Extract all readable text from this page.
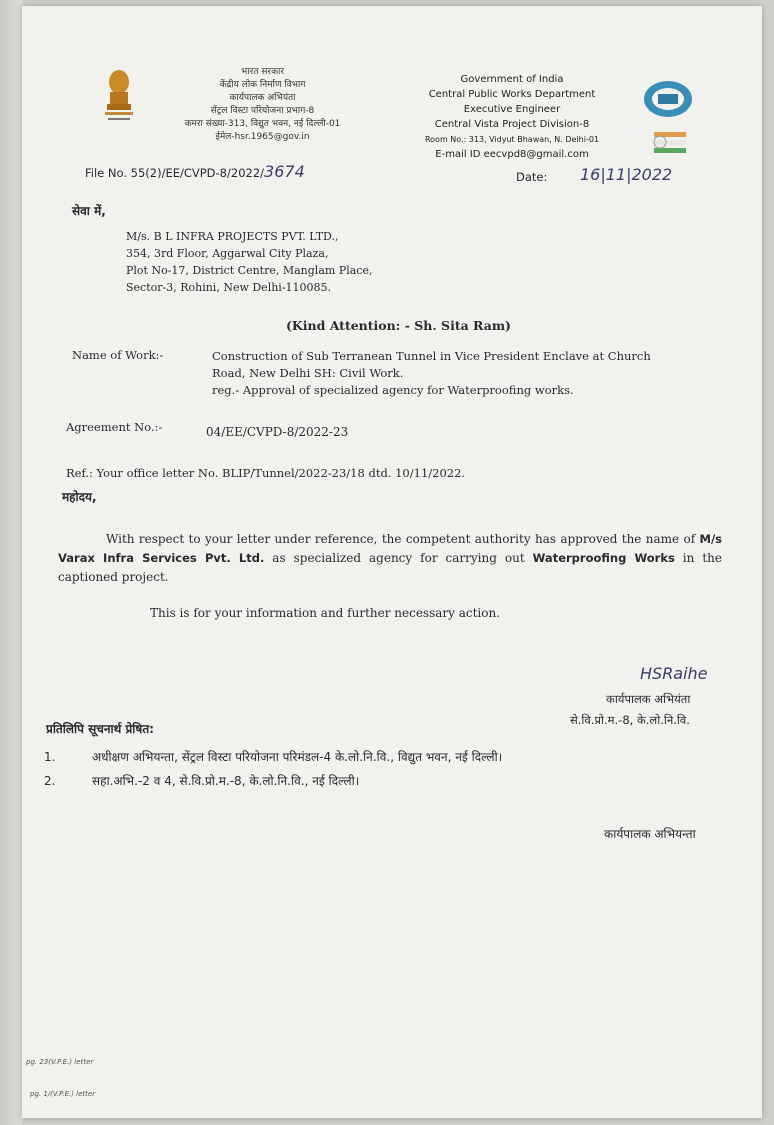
भारत सरकार
केंद्रीय लोक निर्माण विभाग
कार्यपालक अभियंता
सेंट्रल विस्टा परियोजना प्रभाग-8
कमरा संख्या-313, विद्युत भवन, नई दिल्ली-01
ईमेल-hsr.1965@gov.in
Government of India
Central Public Works Department
Executive Engineer
Central Vista Project Division-8
Room No.: 313, Vidyut Bhawan, N. Delhi-01
E-mail ID eecvpd8@gmail.com
File No. 55(2)/EE/CVPD-8/2022/3674	Date: 16|11|2022
सेवा में,
M/s. B L INFRA PROJECTS PVT. LTD.,
354, 3rd Floor, Aggarwal City Plaza,
Plot No-17, District Centre, Manglam Place,
Sector-3, Rohini, New Delhi-110085.
(Kind Attention: - Sh. Sita Ram)
Name of Work:-	Construction of Sub Terranean Tunnel in Vice President Enclave at Church
Road, New Delhi SH: Civil Work.
reg.- Approval of specialized agency for Waterproofing works.
Agreement No.:-	04/EE/CVPD-8/2022-23
Ref.: Your office letter No. BLIP/Tunnel/2022-23/18 dtd. 10/11/2022.
महोदय,
With respect to your letter under reference, the competent authority has approved the name of M/s Varax Infra Services Pvt. Ltd. as specialized agency for carrying out Waterproofing Works in the captioned project.
This is for your information and further necessary action.
HSRaihe
कार्यपालक अभियंता
से.वि.प्रो.म.-8, के.लो.नि.वि.
प्रतिलिपि सूचनार्थ प्रेषित:
1.	अधीक्षण अभियन्ता, सेंट्रल विस्टा परियोजना परिमंडल-4 के.लो.नि.वि., विद्युत भवन, नई दिल्ली।
2.	सहा.अभि.-2 व 4, से.वि.प्रो.म.-8, के.लो.नि.वि., नई दिल्ली।
कार्यपालक अभियन्ता
pg. 23(V.P.E.) letter
pg. 1/(V.P.E.) letter
